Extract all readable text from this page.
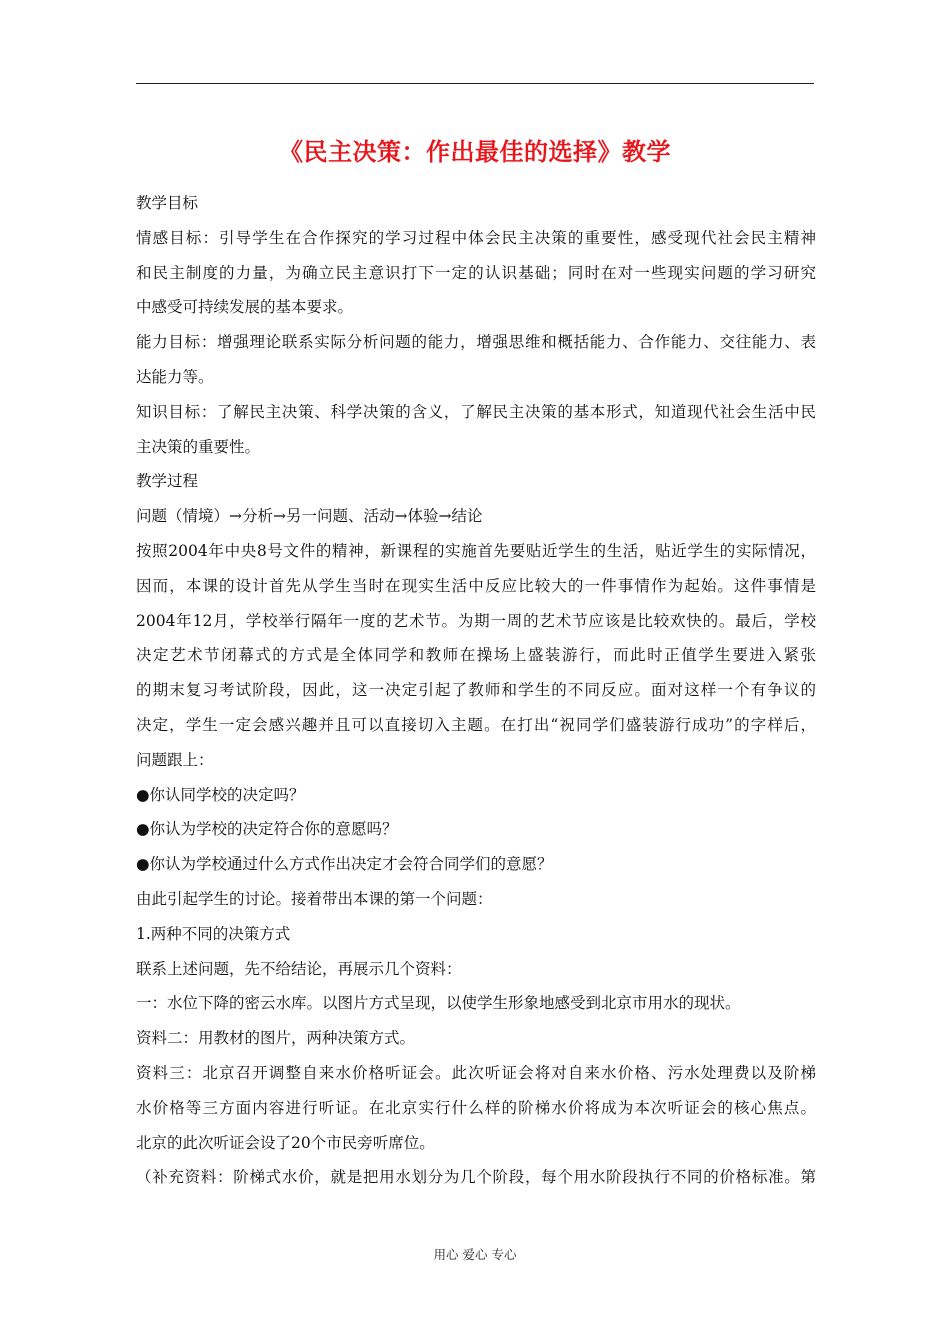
《民主决策：作出最佳的选择》教学
教学目标
情感目标：引导学生在合作探究的学习过程中体会民主决策的重要性，感受现代社会民主精神
和民主制度的力量，为确立民主意识打下一定的认识基础；同时在对一些现实问题的学习研究
中感受可持续发展的基本要求。
能力目标：增强理论联系实际分析问题的能力，增强思维和概括能力、合作能力、交往能力、表
达能力等。
知识目标：了解民主决策、科学决策的含义，了解民主决策的基本形式，知道现代社会生活中民
主决策的重要性。
教学过程
问题（情境）→分析→另一问题、活动→体验→结论
按照2004年中央8号文件的精神，新课程的实施首先要贴近学生的生活，贴近学生的实际情况，
因而，本课的设计首先从学生当时在现实生活中反应比较大的一件事情作为起始。这件事情是
2004年12月，学校举行隔年一度的艺术节。为期一周的艺术节应该是比较欢快的。最后，学校
决定艺术节闭幕式的方式是全体同学和教师在操场上盛装游行，而此时正值学生要进入紧张
的期末复习考试阶段，因此，这一决定引起了教师和学生的不同反应。面对这样一个有争议的
决定，学生一定会感兴趣并且可以直接切入主题。在打出“祝同学们盛装游行成功”的字样后，
问题跟上：
●你认同学校的决定吗？
●你认为学校的决定符合你的意愿吗？
●你认为学校通过什么方式作出决定才会符合同学们的意愿？
由此引起学生的讨论。接着带出本课的第一个问题：
1.两种不同的决策方式
联系上述问题，先不给结论，再展示几个资料：
一：水位下降的密云水库。以图片方式呈现，以使学生形象地感受到北京市用水的现状。
资料二：用教材的图片，两种决策方式。
资料三：北京召开调整自来水价格听证会。此次听证会将对自来水价格、污水处理费以及阶梯
水价格等三方面内容进行听证。在北京实行什么样的阶梯水价将成为本次听证会的核心焦点。
北京的此次听证会设了20个市民旁听席位。
（补充资料：阶梯式水价，就是把用水划分为几个阶段，每个用水阶段执行不同的价格标准。第
用心 爱心 专心
